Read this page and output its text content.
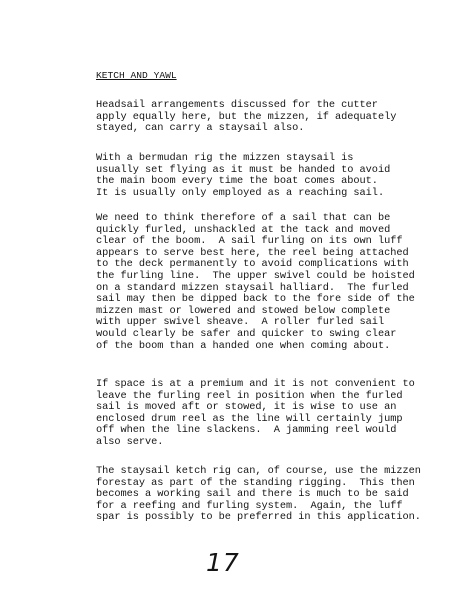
KETCH AND YAWL
Headsail arrangements discussed for the cutter
apply equally here, but the mizzen, if adequately
stayed, can carry a staysail also.
With a bermudan rig the mizzen staysail is
usually set flying as it must be handed to avoid
the main boom every time the boat comes about.
It is usually only employed as a reaching sail.
We need to think therefore of a sail that can be
quickly furled, unshackled at the tack and moved
clear of the boom.  A sail furling on its own luff
appears to serve best here, the reel being attached
to the deck permanently to avoid complications with
the furling line.  The upper swivel could be hoisted
on a standard mizzen staysail halliard.  The furled
sail may then be dipped back to the fore side of the
mizzen mast or lowered and stowed below complete
with upper swivel sheave.  A roller furled sail
would clearly be safer and quicker to swing clear
of the boom than a handed one when coming about.
If space is at a premium and it is not convenient to
leave the furling reel in position when the furled
sail is moved aft or stowed, it is wise to use an
enclosed drum reel as the line will certainly jump
off when the line slackens.  A jamming reel would
also serve.
The staysail ketch rig can, of course, use the mizzen
forestay as part of the standing rigging.  This then
becomes a working sail and there is much to be said
for a reefing and furling system.  Again, the luff
spar is possibly to be preferred in this application.
17
